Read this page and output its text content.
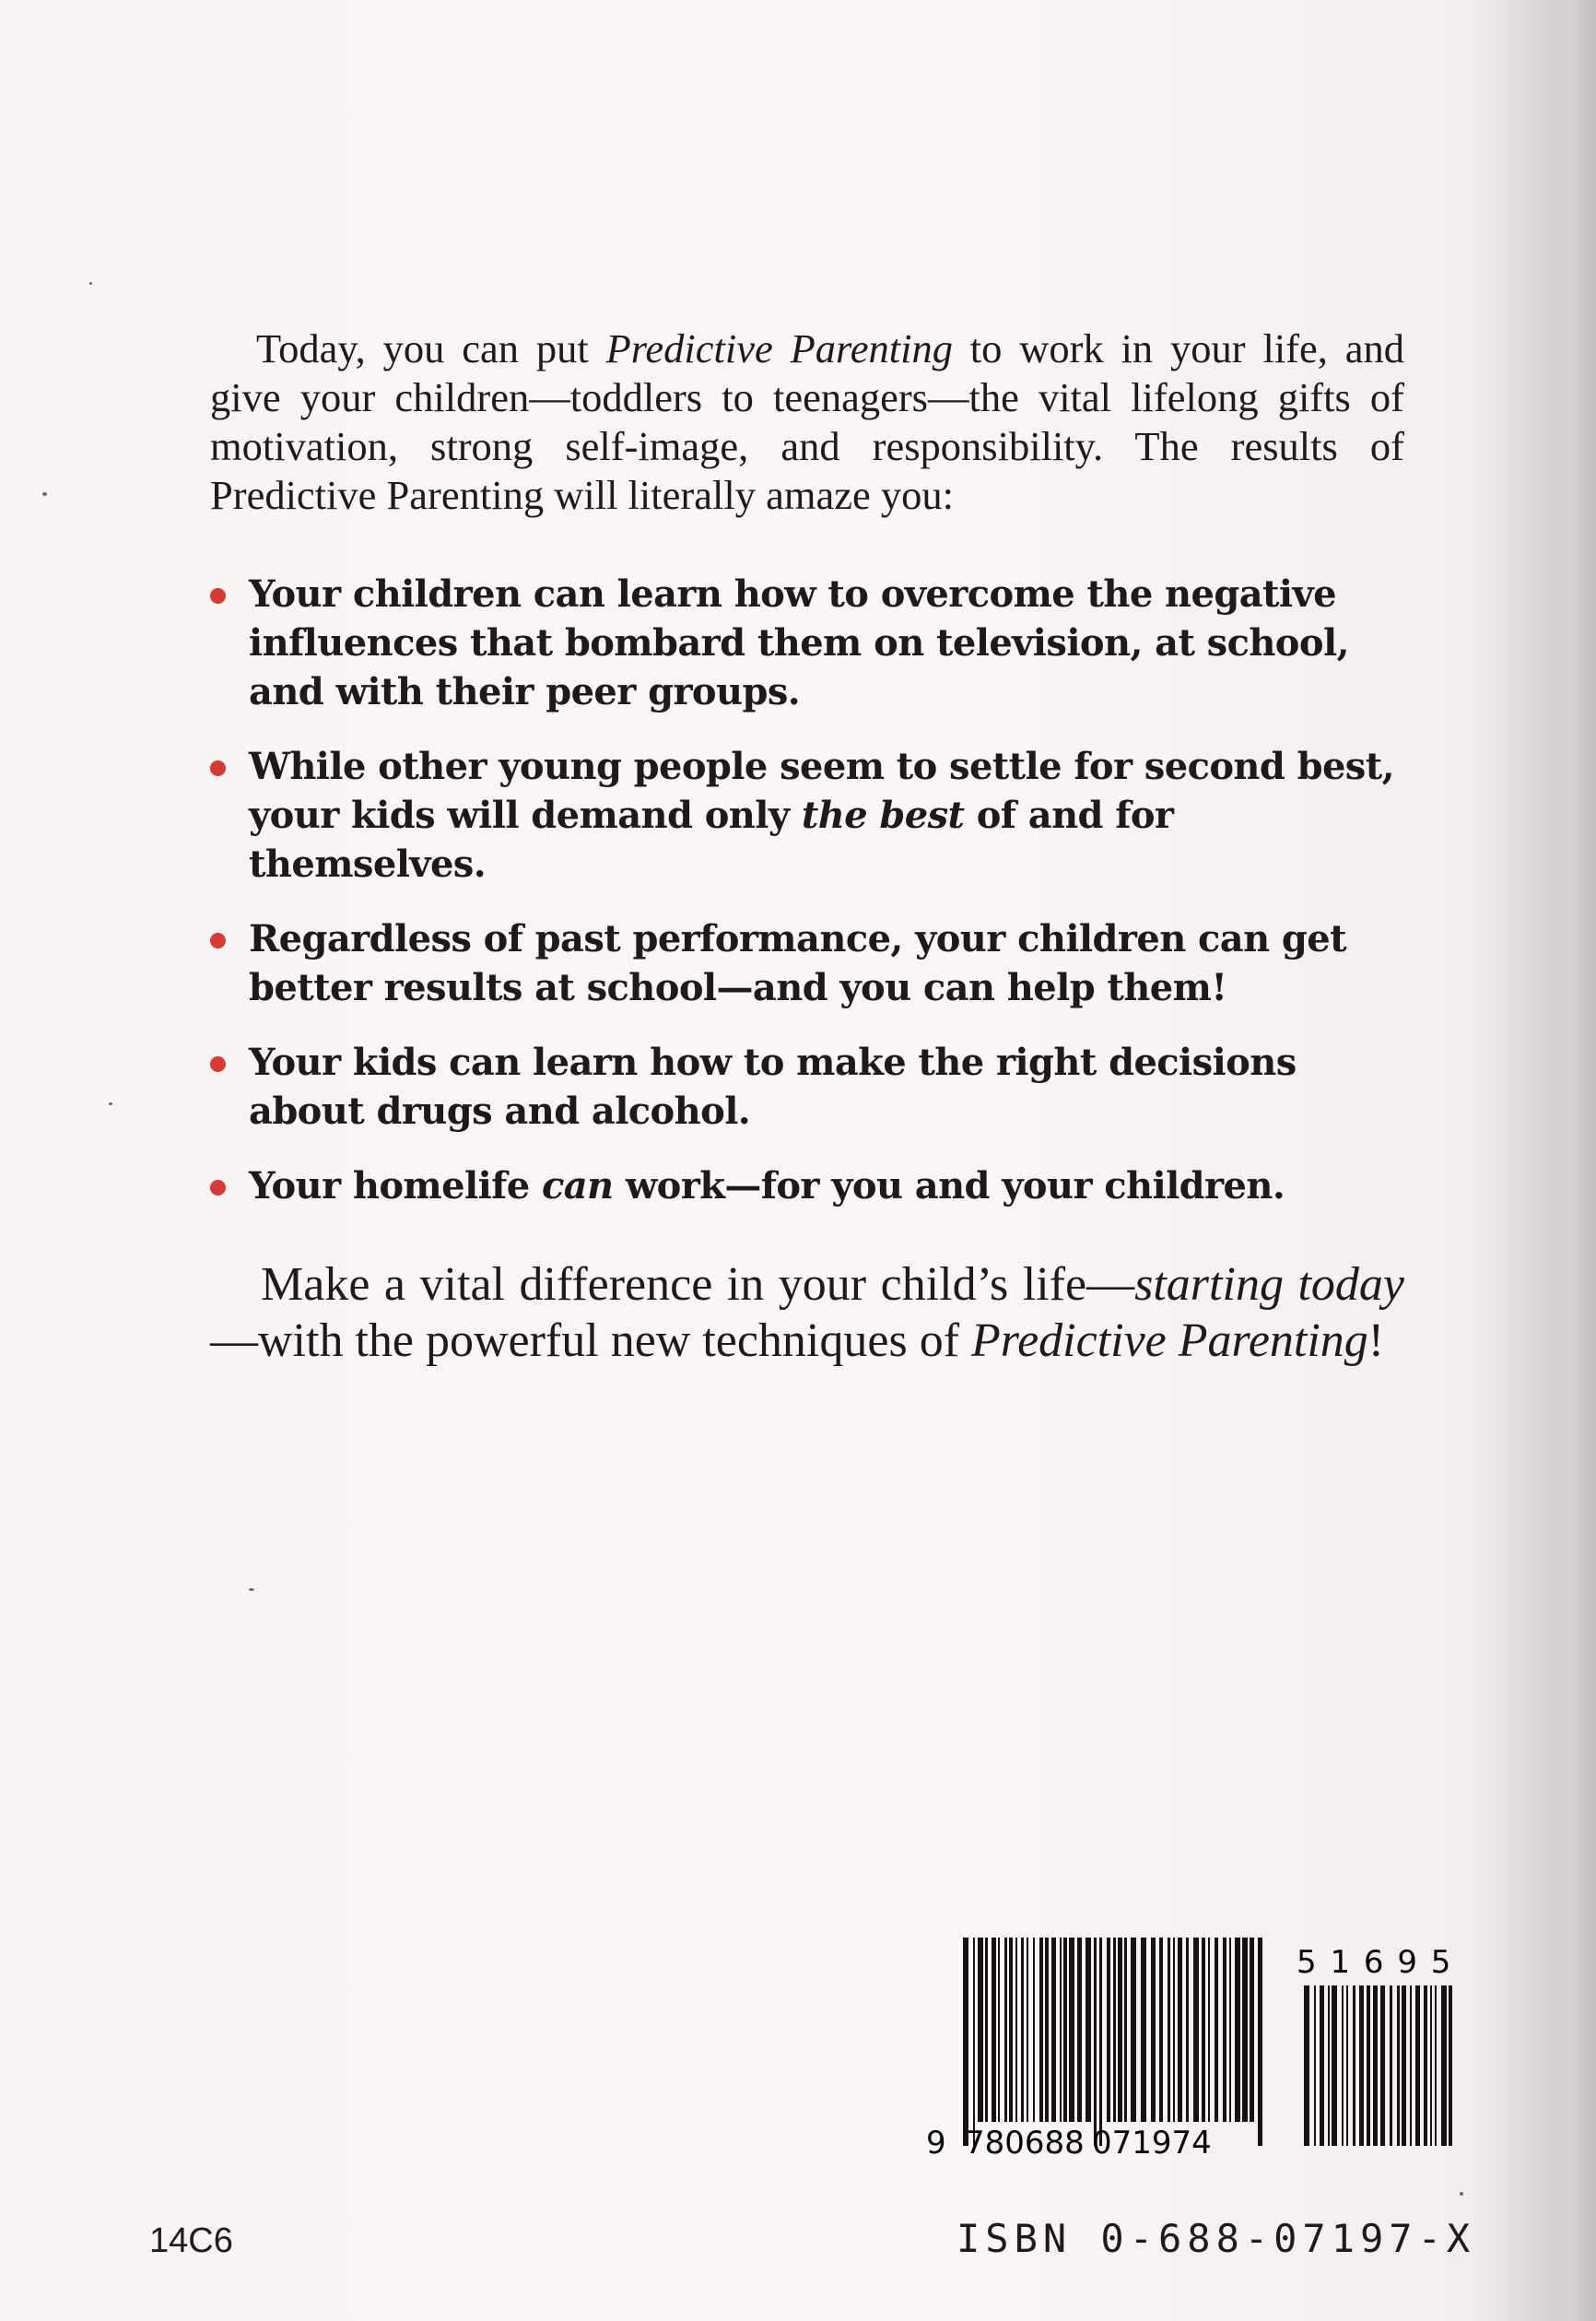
Today, you can put Predictive Parenting to work in your life, and give your children—toddlers to teenagers—the vital lifelong gifts of motivation, strong self-image, and responsibility. The results of Predictive Parenting will literally amaze you:

Your children can learn how to overcome the negative influences that bombard them on television, at school, and with their peer groups.
While other young people seem to settle for second best, your kids will demand only the best of and for themselves.
Regardless of past performance, your children can get better results at school—and you can help them!
Your kids can learn how to make the right decisions about drugs and alcohol.
Your homelife can work—for you and your children.

Make a vital difference in your child’s life—starting today—with the powerful new techniques of Predictive Parenting!

5 1 6 9 5
9 780688 071974
14C6	ISBN 0-688-07197-X
